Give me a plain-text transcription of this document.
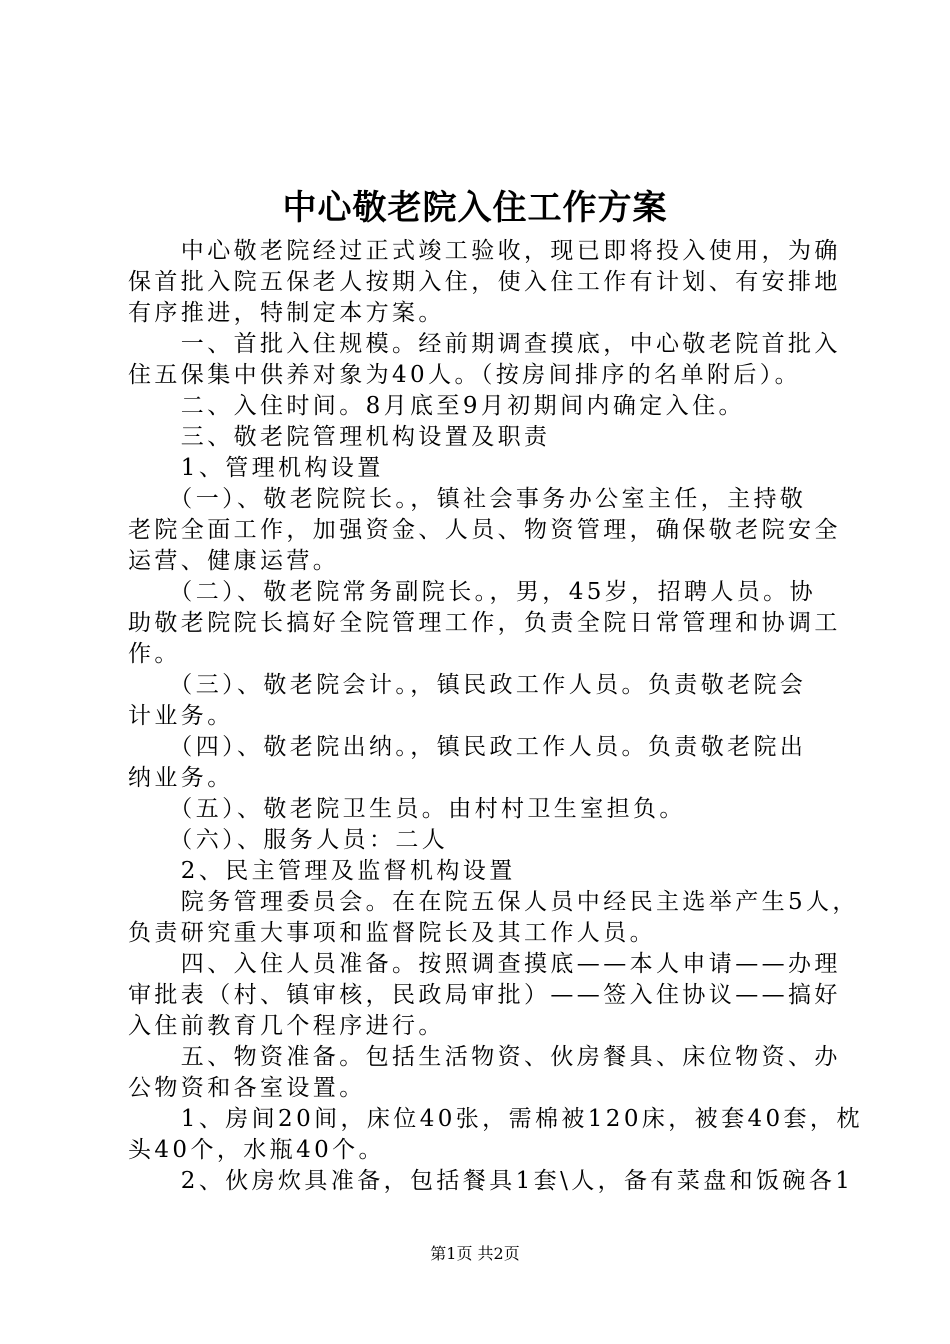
中心敬老院入住工作方案
　　中心敬老院经过正式竣工验收，现已即将投入使用，为确
保首批入院五保老人按期入住，使入住工作有计划、有安排地
有序推进，特制定本方案。
　　一、首批入住规模。经前期调查摸底，中心敬老院首批入
住五保集中供养对象为40人。（按房间排序的名单附后）。
　　二、入住时间。8月底至9月初期间内确定入住。
　　三、敬老院管理机构设置及职责
　　1、管理机构设置
　　（一）、敬老院院长。，镇社会事务办公室主任，主持敬
老院全面工作，加强资金、人员、物资管理，确保敬老院安全
运营、健康运营。
　　（二）、敬老院常务副院长。，男，45岁，招聘人员。协
助敬老院院长搞好全院管理工作，负责全院日常管理和协调工
作。
　　（三）、敬老院会计。，镇民政工作人员。负责敬老院会
计业务。
　　（四）、敬老院出纳。，镇民政工作人员。负责敬老院出
纳业务。
　　（五）、敬老院卫生员。由村村卫生室担负。
　　（六）、服务人员：二人
　　2、民主管理及监督机构设置
　　院务管理委员会。在在院五保人员中经民主选举产生5人，
负责研究重大事项和监督院长及其工作人员。
　　四、入住人员准备。按照调查摸底——本人申请——办理
审批表（村、镇审核，民政局审批）——签入住协议——搞好
入住前教育几个程序进行。
　　五、物资准备。包括生活物资、伙房餐具、床位物资、办
公物资和各室设置。
　　1、房间20间，床位40张，需棉被120床，被套40套，枕
头40个，水瓶40个。
　　2、伙房炊具准备，包括餐具1套\人，备有菜盘和饭碗各1
第1页 共2页
